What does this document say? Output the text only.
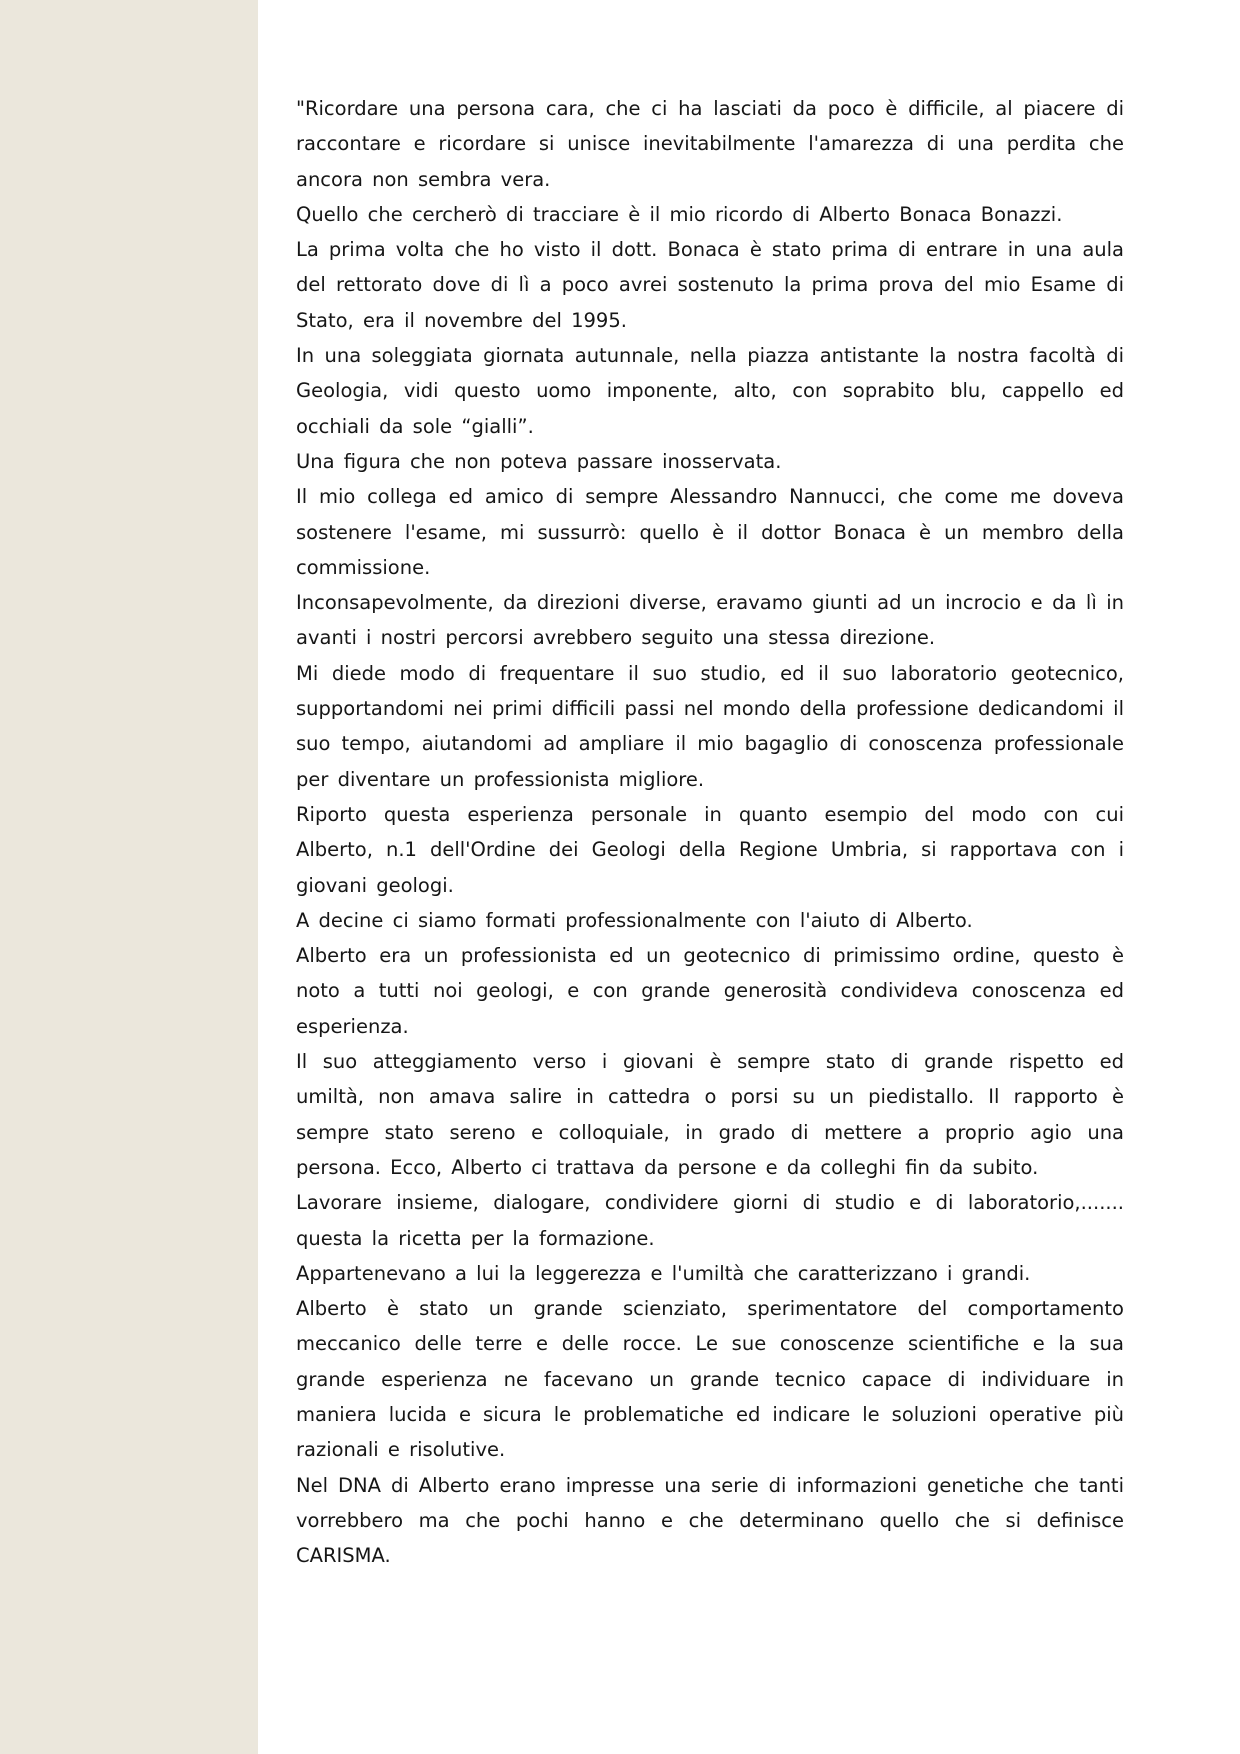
"Ricordare una persona cara, che ci ha lasciati da poco è difficile, al piacere di raccontare e ricordare si unisce inevitabilmente l'amarezza di una perdita che ancora non sembra vera.

Quello che cercherò di tracciare è il mio ricordo di Alberto Bonaca Bonazzi.

La prima volta che ho visto il dott. Bonaca è stato prima di entrare in una aula del rettorato dove di lì a poco avrei sostenuto la prima prova del mio Esame di Stato, era il novembre del 1995.

In una soleggiata giornata autunnale, nella piazza antistante la nostra facoltà di Geologia, vidi questo uomo imponente, alto, con soprabito blu, cappello ed occhiali da sole “gialli”.

Una figura che non poteva passare inosservata.

Il mio collega ed amico di sempre Alessandro Nannucci, che come me doveva sostenere l'esame, mi sussurrò: quello è il dottor Bonaca è un membro della commissione.

Inconsapevolmente, da direzioni diverse, eravamo giunti ad un incrocio e da lì in avanti i nostri percorsi avrebbero seguito una stessa direzione.

Mi diede modo di frequentare il suo studio, ed il suo laboratorio geotecnico, supportandomi nei primi difficili passi nel mondo della professione dedicandomi il suo tempo, aiutandomi ad ampliare il mio bagaglio di conoscenza professionale per diventare un professionista migliore.

Riporto questa esperienza personale in quanto esempio del modo con cui Alberto, n.1 dell'Ordine dei Geologi della Regione Umbria, si rapportava con i giovani geologi.

A decine ci siamo formati professionalmente con l'aiuto di Alberto.

Alberto era un professionista ed un geotecnico di primissimo ordine, questo è noto a tutti noi geologi, e con grande generosità condivideva conoscenza ed esperienza.

Il suo atteggiamento verso i giovani è sempre stato di grande rispetto ed umiltà, non amava salire in cattedra o porsi su un piedistallo. Il rapporto è sempre stato sereno e colloquiale, in grado di mettere a proprio agio una persona. Ecco, Alberto ci trattava da persone e da colleghi fin da subito.

Lavorare insieme, dialogare, condividere giorni di studio e di laboratorio,....... questa la ricetta per la formazione.

Appartenevano a lui la leggerezza e l'umiltà che caratterizzano i grandi.

Alberto è stato un grande scienziato, sperimentatore del comportamento meccanico delle terre e delle rocce. Le sue conoscenze scientifiche e la sua grande esperienza ne facevano un grande tecnico capace di individuare in maniera lucida e sicura le problematiche ed indicare le soluzioni operative più razionali e risolutive.

Nel DNA di Alberto erano impresse una serie di informazioni genetiche che tanti vorrebbero ma che pochi hanno e che determinano quello che si definisce CARISMA.
